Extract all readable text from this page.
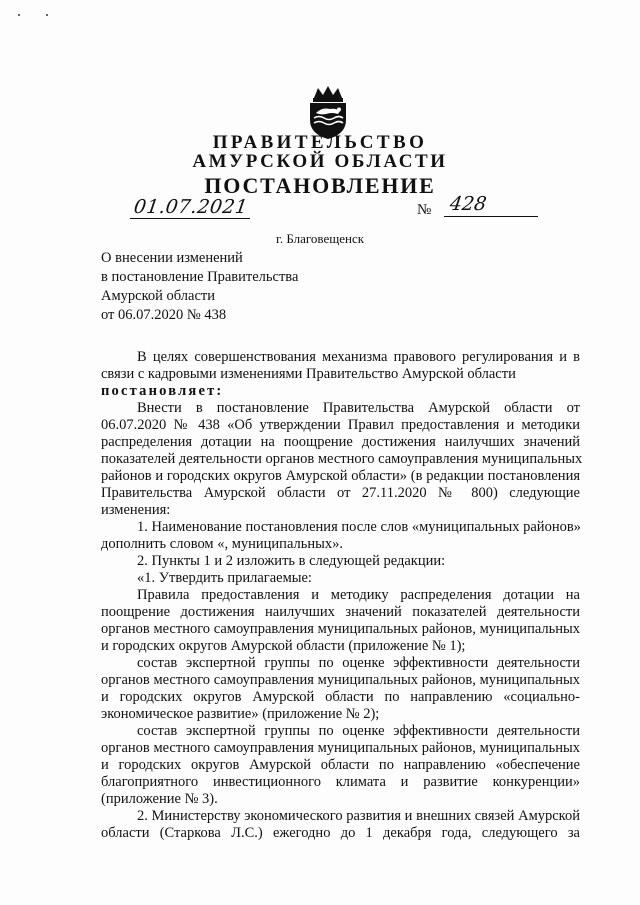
ПРАВИТЕЛЬСТВО
АМУРСКОЙ ОБЛАСТИ
ПОСТАНОВЛЕНИЕ
01.07.2021	№ 428
г. Благовещенск
О внесении изменений
в постановление Правительства
Амурской области
от 06.07.2020 № 438
В целях совершенствования механизма правового регулирования и в
связи с кадровыми изменениями Правительство Амурской области
постановляет:
Внести в постановление Правительства Амурской области от
06.07.2020 № 438 «Об утверждении Правил предоставления и методики
распределения дотации на поощрение достижения наилучших значений
показателей деятельности органов местного самоуправления муниципальных
районов и городских округов Амурской области» (в редакции постановления
Правительства Амурской области от 27.11.2020 № 800) следующие
изменения:
1. Наименование постановления после слов «муниципальных районов»
дополнить словом «, муниципальных».
2. Пункты 1 и 2 изложить в следующей редакции:
«1. Утвердить прилагаемые:
Правила предоставления и методику распределения дотации на
поощрение достижения наилучших значений показателей деятельности
органов местного самоуправления муниципальных районов, муниципальных
и городских округов Амурской области (приложение № 1);
состав экспертной группы по оценке эффективности деятельности
органов местного самоуправления муниципальных районов, муниципальных
и городских округов Амурской области по направлению «социально-
экономическое развитие» (приложение № 2);
состав экспертной группы по оценке эффективности деятельности
органов местного самоуправления муниципальных районов, муниципальных
и городских округов Амурской области по направлению «обеспечение
благоприятного инвестиционного климата и развитие конкуренции»
(приложение № 3).
2. Министерству экономического развития и внешних связей Амурской
области (Старкова Л.С.) ежегодно до 1 декабря года, следующего за
